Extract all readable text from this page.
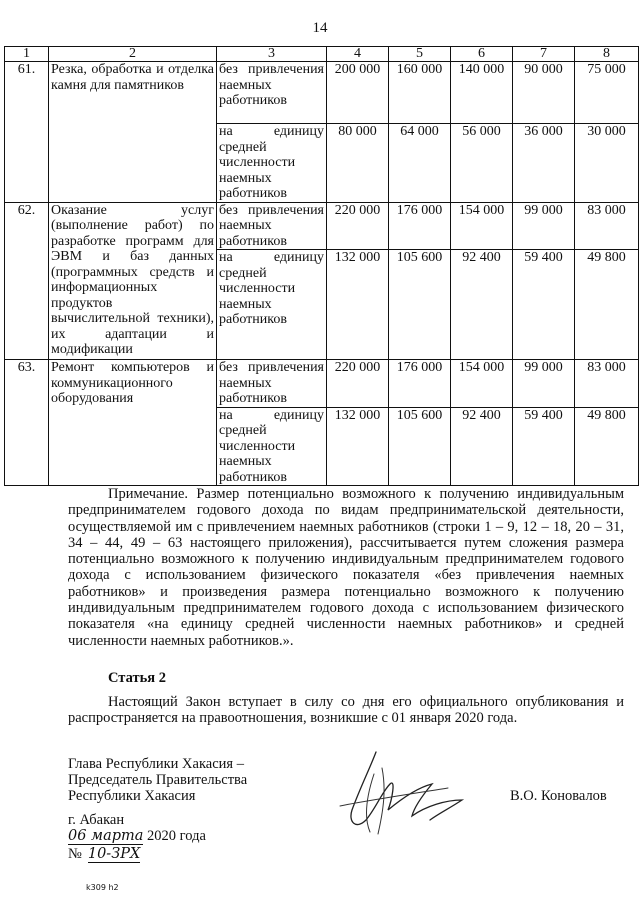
14
1	2	3	4	5	6	7	8
61.	Резка, обработка и отделка камня для памятников	без привлечения наемных работников	200 000	160 000	140 000	90 000	75 000
		на единицу средней численности наемных работников	80 000	64 000	56 000	36 000	30 000
62.	Оказание услуг (выполнение работ) по разработке программ для ЭВМ и баз данных (программных средств и информационных продуктов вычислительной техники), их адаптации и модификации	без привлечения наемных работников	220 000	176 000	154 000	99 000	83 000
		на единицу средней численности наемных работников	132 000	105 600	92 400	59 400	49 800
63.	Ремонт компьютеров и коммуникационного оборудования	без привлечения наемных работников	220 000	176 000	154 000	99 000	83 000
		на единицу средней численности наемных работников	132 000	105 600	92 400	59 400	49 800

Примечание. Размер потенциально возможного к получению индивидуальным предпринимателем годового дохода по видам предпринимательской деятельности, осуществляемой им с привлечением наемных работников (строки 1 – 9, 12 – 18, 20 – 31, 34 – 44, 49 – 63 настоящего приложения), рассчитывается путем сложения размера потенциально возможного к получению индивидуальным предпринимателем годового дохода с использованием физического показателя «без привлечения наемных работников» и произведения размера потенциально возможного к получению индивидуальным предпринимателем годового дохода с использованием физического показателя «на единицу средней численности наемных работников» и средней численности наемных работников.».

Статья 2

Настоящий Закон вступает в силу со дня его официального опубликования и распространяется на правоотношения, возникшие с 01 января 2020 года.

Глава Республики Хакасия –
Председатель Правительства
Республики Хакасия	В.О. Коновалов
г. Абакан
06 марта 2020 года
№ 10-ЗРХ
k309 h2
